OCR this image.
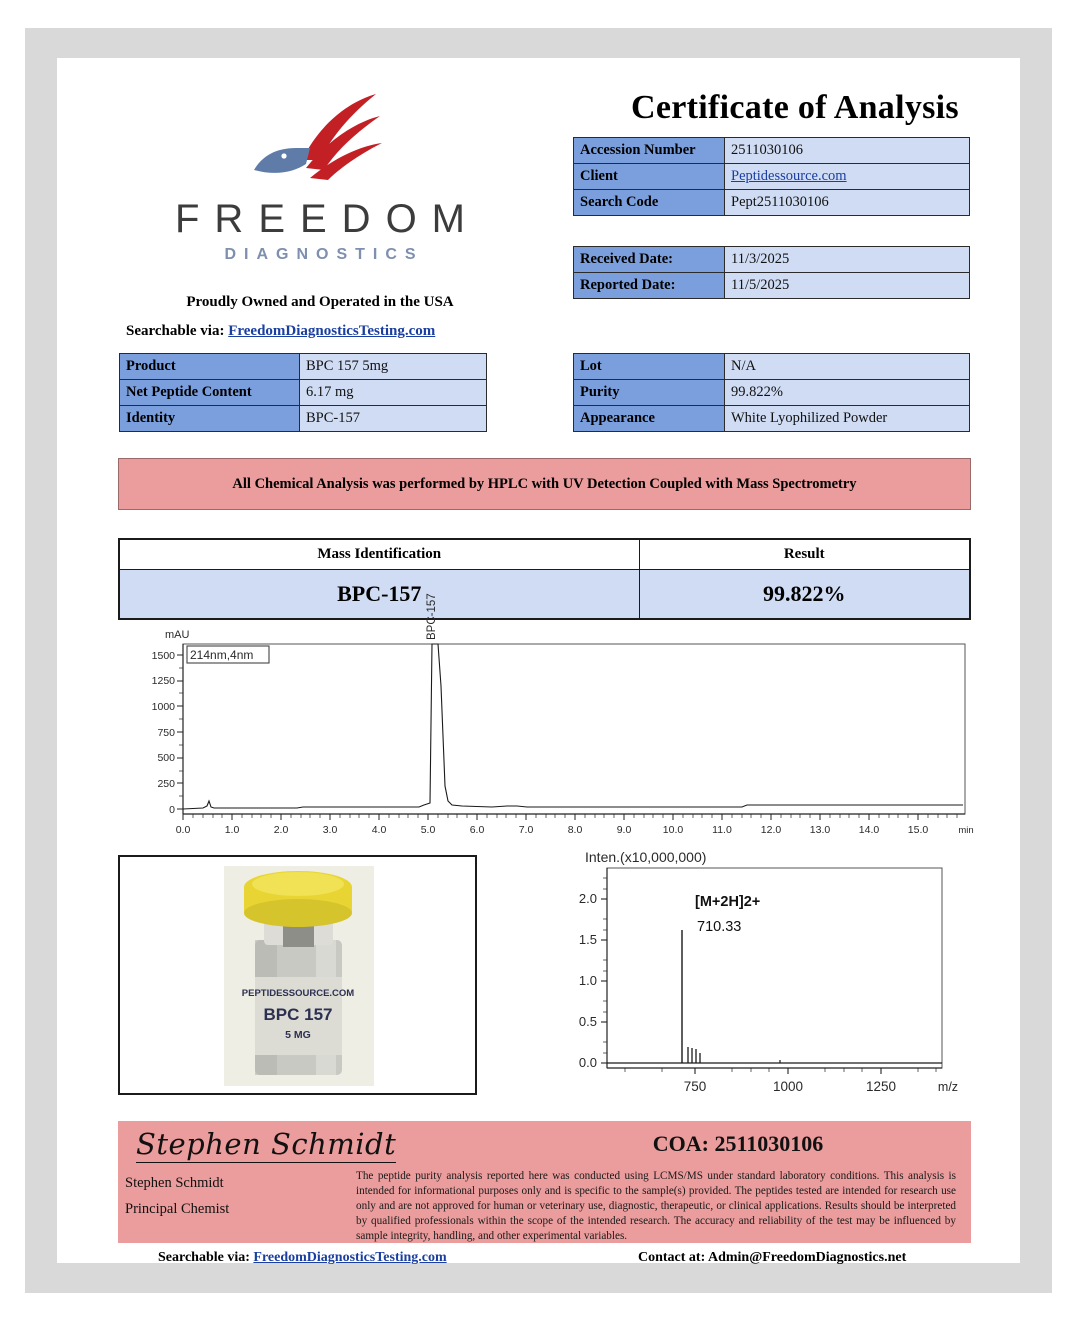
FREEDOM
DIAGNOSTICS
Proudly Owned and Operated in the USA
Searchable via: FreedomDiagnosticsTesting.com
Certificate of Analysis
Accession Number	2511030106
Client	Peptidessource.com
Search Code	Pept2511030106
Received Date:	11/3/2025
Reported Date:	11/5/2025
Product	BPC 157 5mg
Net Peptide Content	6.17 mg
Identity	BPC-157
Lot	N/A
Purity	99.822%
Appearance	White Lyophilized Powder
All Chemical Analysis was performed by HPLC with UV Detection Coupled with Mass Spectrometry
Mass Identification	Result
BPC-157	99.822%
mAU
1500
1250
1000
750
500
250
0
214nm,4nm
BPC-157
0.0	1.0	2.0	3.0	4.0	5.0	6.0	7.0	8.0	9.0	10.0	11.0	12.0	13.0	14.0	15.0	min
PEPTIDESSOURCE.COM
BPC 157
5 MG
Inten.(x10,000,000)
2.0
1.5
1.0
0.5
0.0
[M+2H]2+
710.33
750	1000	1250	m/z
Stephen Schmidt
Stephen Schmidt
Principal Chemist
COA: 2511030106
The peptide purity analysis reported here was conducted using LCMS/MS under standard laboratory conditions. This analysis is intended for informational purposes only and is specific to the sample(s) provided. The peptides tested are intended for research use only and are not approved for human or veterinary use, diagnostic, therapeutic, or clinical applications. Results should be interpreted by qualified professionals within the scope of the intended research. The accuracy and reliability of the test may be influenced by sample integrity, handling, and other experimental variables.
Searchable via: FreedomDiagnosticsTesting.com	Contact at: Admin@FreedomDiagnostics.net
